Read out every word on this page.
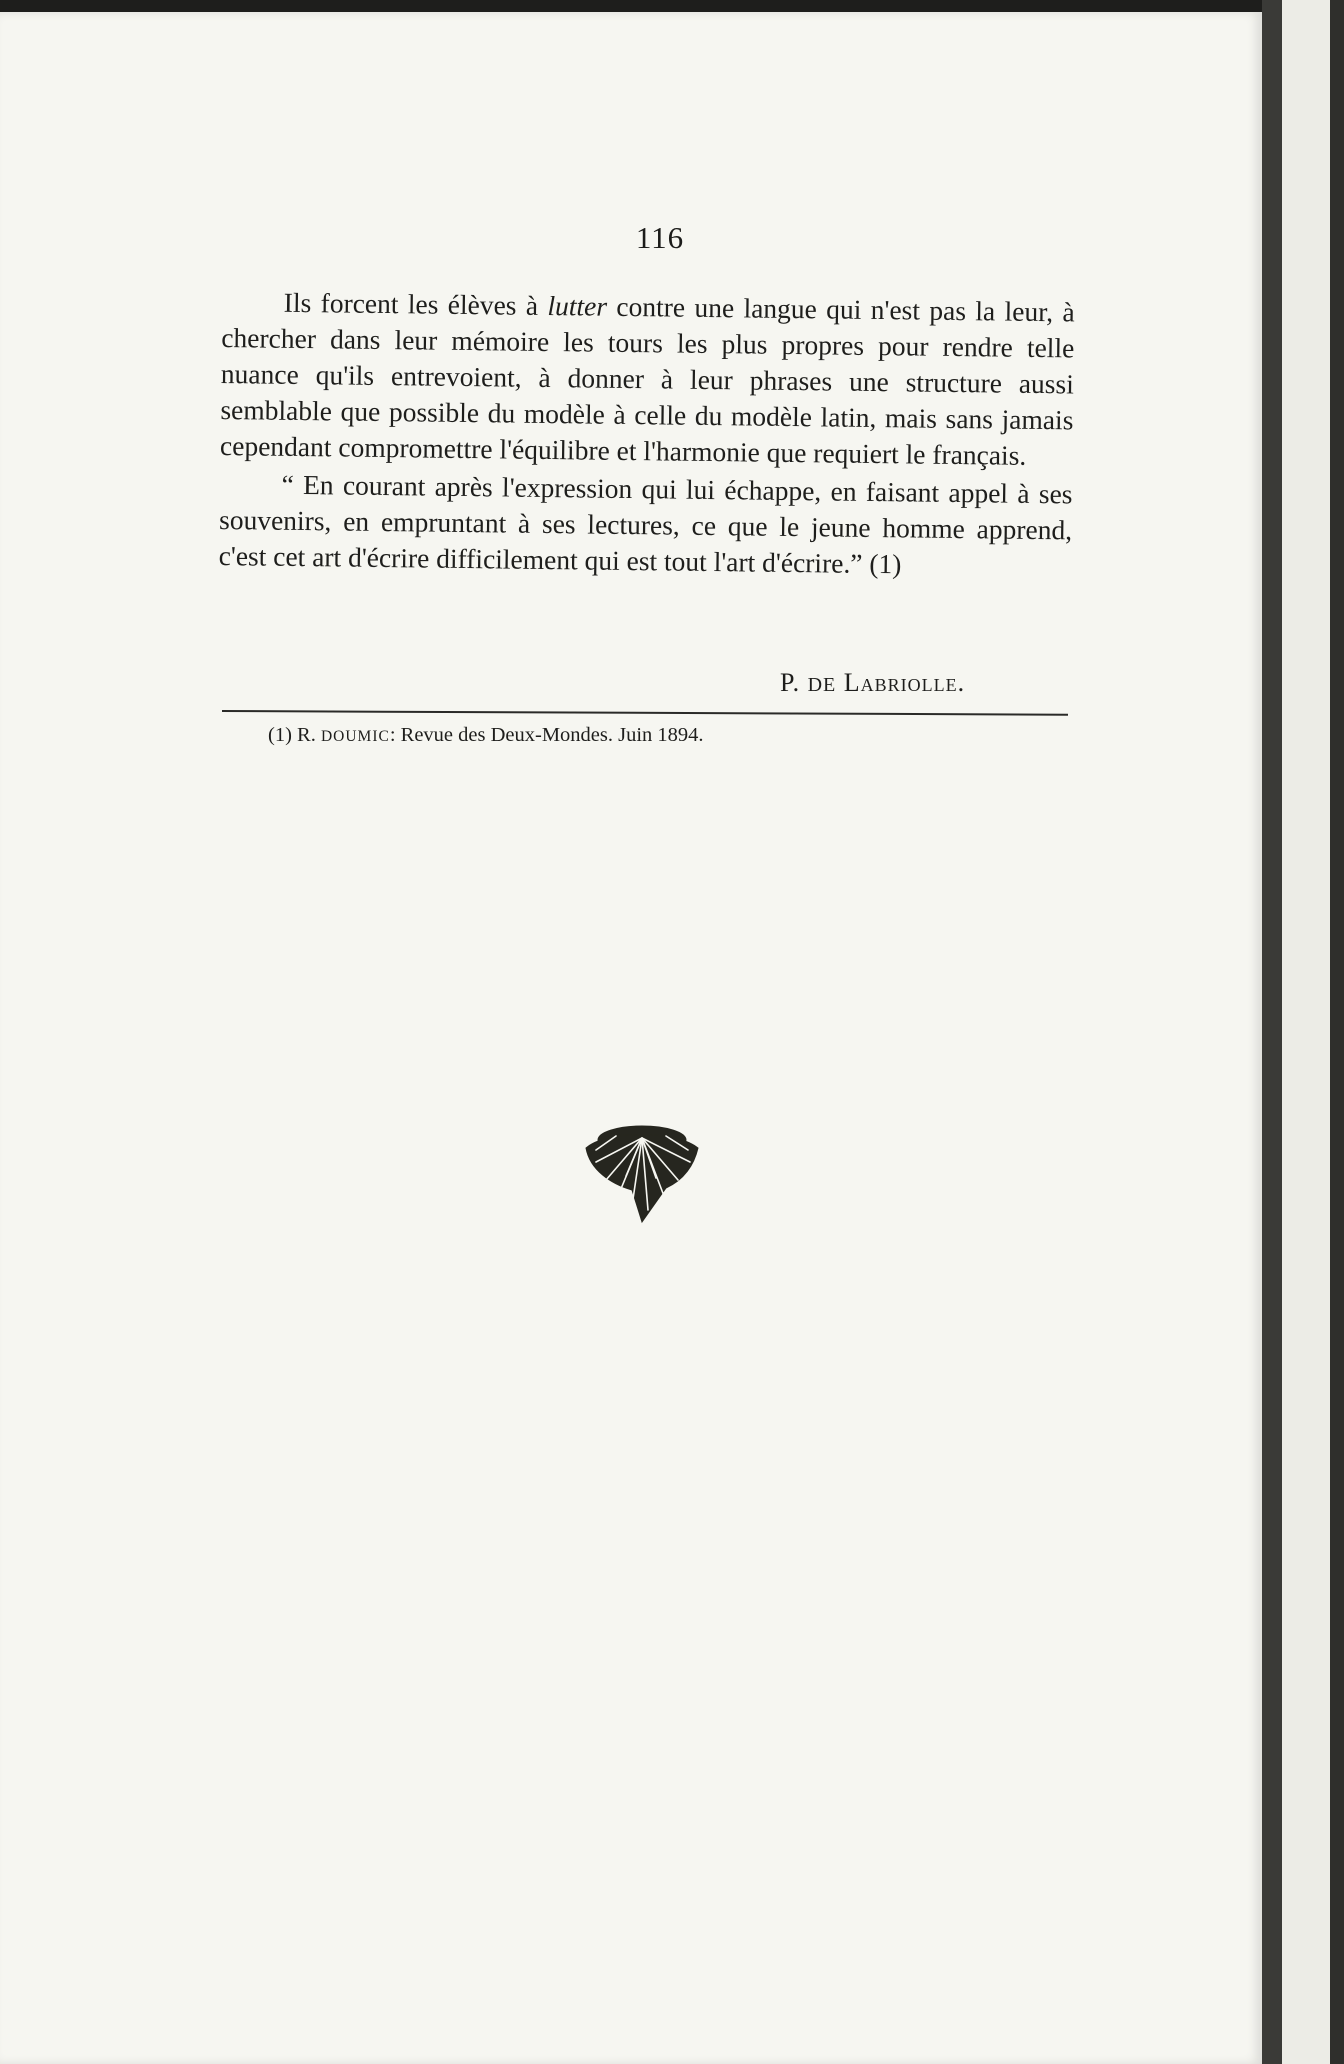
116

Ils forcent les élèves à lutter contre une langue qui n'est pas la leur, à chercher dans leur mémoire les tours les plus propres pour rendre telle nuance qu'ils entrevoient, à donner à leur phrases une structure aussi semblable que possible du modèle à celle du modèle latin, mais sans jamais cependant compromettre l'équilibre et l'harmonie que requiert le français.

“ En courant après l'expression qui lui échappe, en faisant appel à ses souvenirs, en empruntant à ses lectures, ce que le jeune homme apprend, c'est cet art d'écrire difficilement qui est tout l'art d'écrire.” (1)

P. DE Labriolle.
(1) R. DOUMIC: Revue des Deux-Mondes. Juin 1894.
